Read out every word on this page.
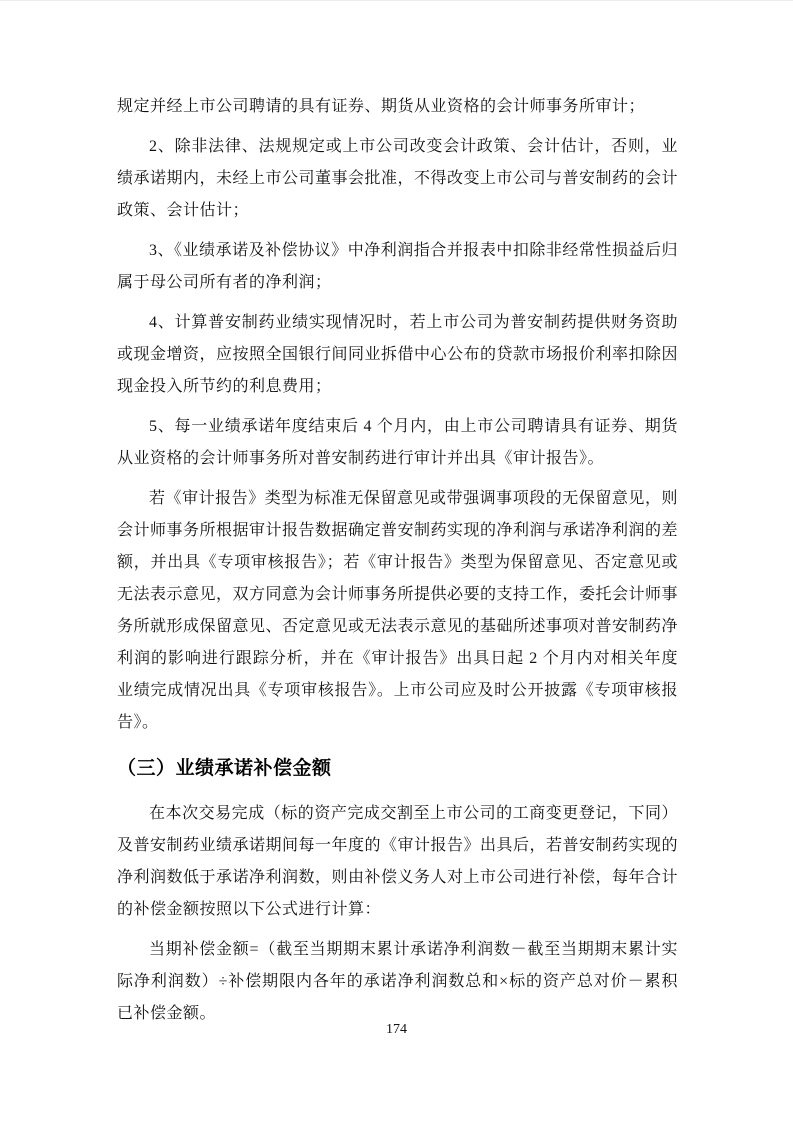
规定并经上市公司聘请的具有证券、期货从业资格的会计师事务所审计；

2、除非法律、法规规定或上市公司改变会计政策、会计估计，否则，业绩承诺期内，未经上市公司董事会批准，不得改变上市公司与普安制药的会计政策、会计估计；

3、《业绩承诺及补偿协议》中净利润指合并报表中扣除非经常性损益后归属于母公司所有者的净利润；

4、计算普安制药业绩实现情况时，若上市公司为普安制药提供财务资助或现金增资，应按照全国银行间同业拆借中心公布的贷款市场报价利率扣除因现金投入所节约的利息费用；

5、每一业绩承诺年度结束后 4 个月内，由上市公司聘请具有证券、期货从业资格的会计师事务所对普安制药进行审计并出具《审计报告》。

若《审计报告》类型为标准无保留意见或带强调事项段的无保留意见，则会计师事务所根据审计报告数据确定普安制药实现的净利润与承诺净利润的差额，并出具《专项审核报告》；若《审计报告》类型为保留意见、否定意见或无法表示意见，双方同意为会计师事务所提供必要的支持工作，委托会计师事务所就形成保留意见、否定意见或无法表示意见的基础所述事项对普安制药净利润的影响进行跟踪分析，并在《审计报告》出具日起 2 个月内对相关年度业绩完成情况出具《专项审核报告》。上市公司应及时公开披露《专项审核报告》。

（三）业绩承诺补偿金额

在本次交易完成（标的资产完成交割至上市公司的工商变更登记，下同）及普安制药业绩承诺期间每一年度的《审计报告》出具后，若普安制药实现的净利润数低于承诺净利润数，则由补偿义务人对上市公司进行补偿，每年合计的补偿金额按照以下公式进行计算：

当期补偿金额=（截至当期期末累计承诺净利润数－截至当期期末累计实际净利润数）÷补偿期限内各年的承诺净利润数总和×标的资产总对价－累积已补偿金额。

174
